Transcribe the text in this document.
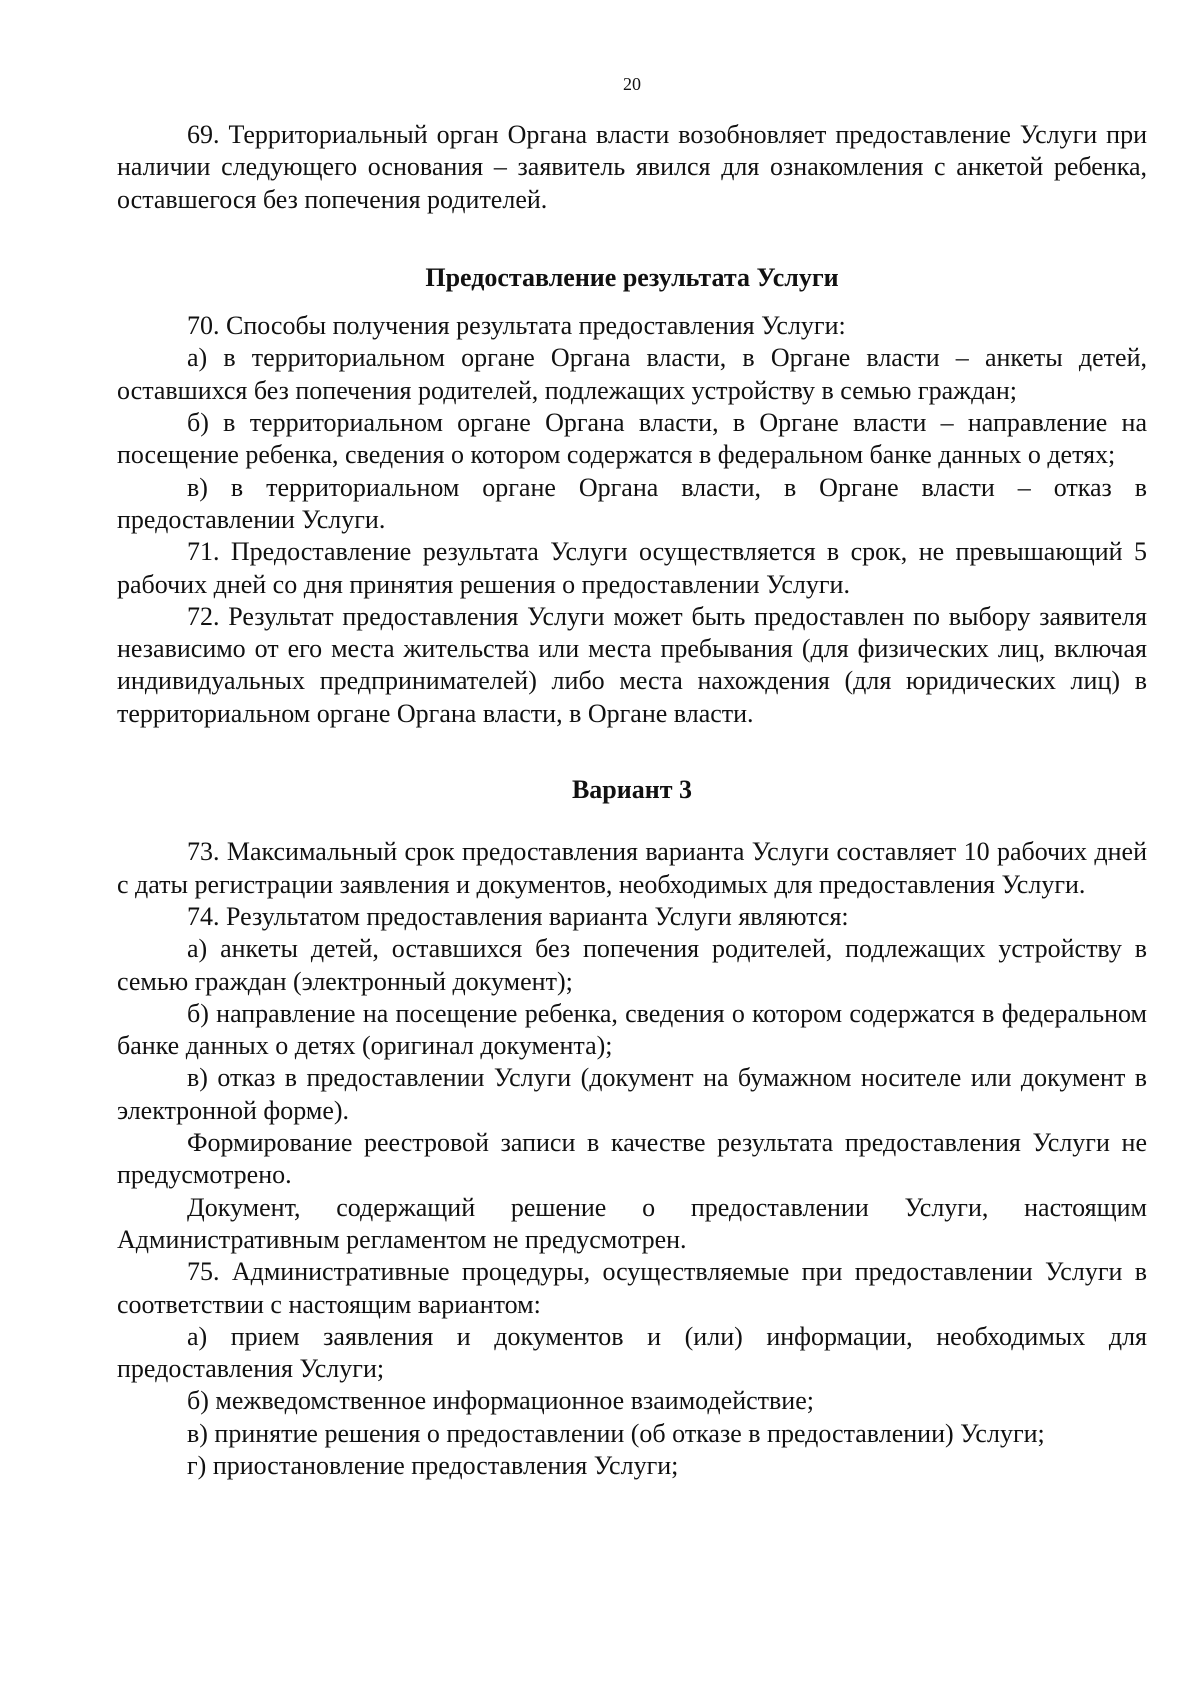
20

69. Территориальный орган Органа власти возобновляет предоставление Услуги при наличии следующего основания – заявитель явился для ознакомления с анкетой ребенка, оставшегося без попечения родителей.

Предоставление результата Услуги

70. Способы получения результата предоставления Услуги:

а) в территориальном органе Органа власти, в Органе власти – анкеты детей, оставшихся без попечения родителей, подлежащих устройству в семью граждан;

б) в территориальном органе Органа власти, в Органе власти – направление на посещение ребенка, сведения о котором содержатся в федеральном банке данных о детях;

в) в территориальном органе Органа власти, в Органе власти – отказ в предоставлении Услуги.

71. Предоставление результата Услуги осуществляется в срок, не превышающий 5 рабочих дней со дня принятия решения о предоставлении Услуги.

72. Результат предоставления Услуги может быть предоставлен по выбору заявителя независимо от его места жительства или места пребывания (для физических лиц, включая индивидуальных предпринимателей) либо места нахождения (для юридических лиц) в территориальном органе Органа власти, в Органе власти.

Вариант 3

73. Максимальный срок предоставления варианта Услуги составляет 10 рабочих дней с даты регистрации заявления и документов, необходимых для предоставления Услуги.

74. Результатом предоставления варианта Услуги являются:

а) анкеты детей, оставшихся без попечения родителей, подлежащих устройству в семью граждан (электронный документ);

б) направление на посещение ребенка, сведения о котором содержатся в федеральном банке данных о детях (оригинал документа);

в) отказ в предоставлении Услуги (документ на бумажном носителе или документ в электронной форме).

Формирование реестровой записи в качестве результата предоставления Услуги не предусмотрено.

Документ, содержащий решение о предоставлении Услуги, настоящим Административным регламентом не предусмотрен.

75. Административные процедуры, осуществляемые при предоставлении Услуги в соответствии с настоящим вариантом:

а) прием заявления и документов и (или) информации, необходимых для предоставления Услуги;

б) межведомственное информационное взаимодействие;

в) принятие решения о предоставлении (об отказе в предоставлении) Услуги;

г) приостановление предоставления Услуги;
